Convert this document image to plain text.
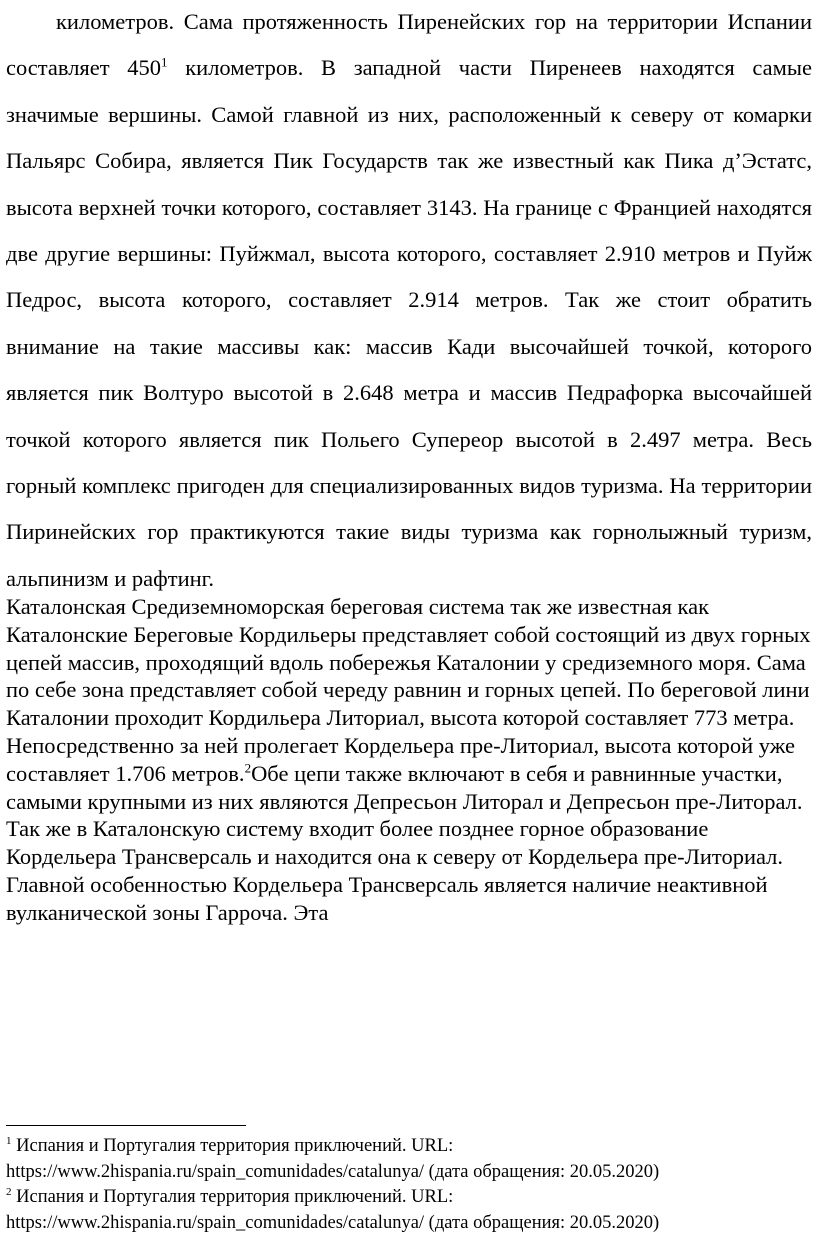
километров. Сама протяженность Пиренейских гор на территории Испании составляет $450^1$ километров. В западной части Пиренеев находятся самые значимые вершины. Самой главной из них, расположенный к северу от комарки Пальярс Собира, является Пик Государств так же известный как Пика д’Эстатс, высота верхней точки которого, составляет 3143. На границе с Францией находятся две другие вершины: Пуйжмал, высота которого, составляет 2.910 метров и Пуйж Педрос, высота которого, составляет 2.914 метров. Так же стоит обратить внимание на такие массивы как: массив Кади высочайшей точкой, которого является пик Волтуро высотой в 2.648 метра и массив Педрафорка высочайшей точкой которого является пик Польего Супереор высотой в 2.497 метра. Весь горный комплекс пригоден для специализированных видов туризма. На территории Пиринейских гор практикуются такие виды туризма как горнолыжный туризм, альпинизм и рафтинг.

Каталонская Средиземноморская береговая система так же известная как Каталонские Береговые Кордильеры представляет собой состоящий из двух горных цепей массив, проходящий вдоль побережья Каталонии у средиземного моря. Сама по себе зона представляет собой череду равнин и горных цепей. По береговой лини Каталонии проходит Кордильера Литориал, высота которой составляет 773 метра. Непосредственно за ней пролегает Кордельера пре-Литориал, высота которой уже составляет 1.706 метров.$^2$Обе цепи также включают в себя и равнинные участки, самыми крупными из них являются Депресьон Литорал и Депресьон пре-Литорал. Так же в Каталонскую систему входит более позднее горное образование Кордельера Трансверсаль и находится она к северу от Кордельера пре-Литориал. Главной особенностью Кордельера Трансверсаль является наличие неактивной вулканической зоны Гарроча. Эта

$^1$ Испания и Португалия территория приключений. URL:

https://www.2hispania.ru/spain_comunidades/catalunya/ (дата обращения: 20.05.2020)

$^2$ Испания и Португалия территория приключений. URL:

https://www.2hispania.ru/spain_comunidades/catalunya/ (дата обращения: 20.05.2020)
